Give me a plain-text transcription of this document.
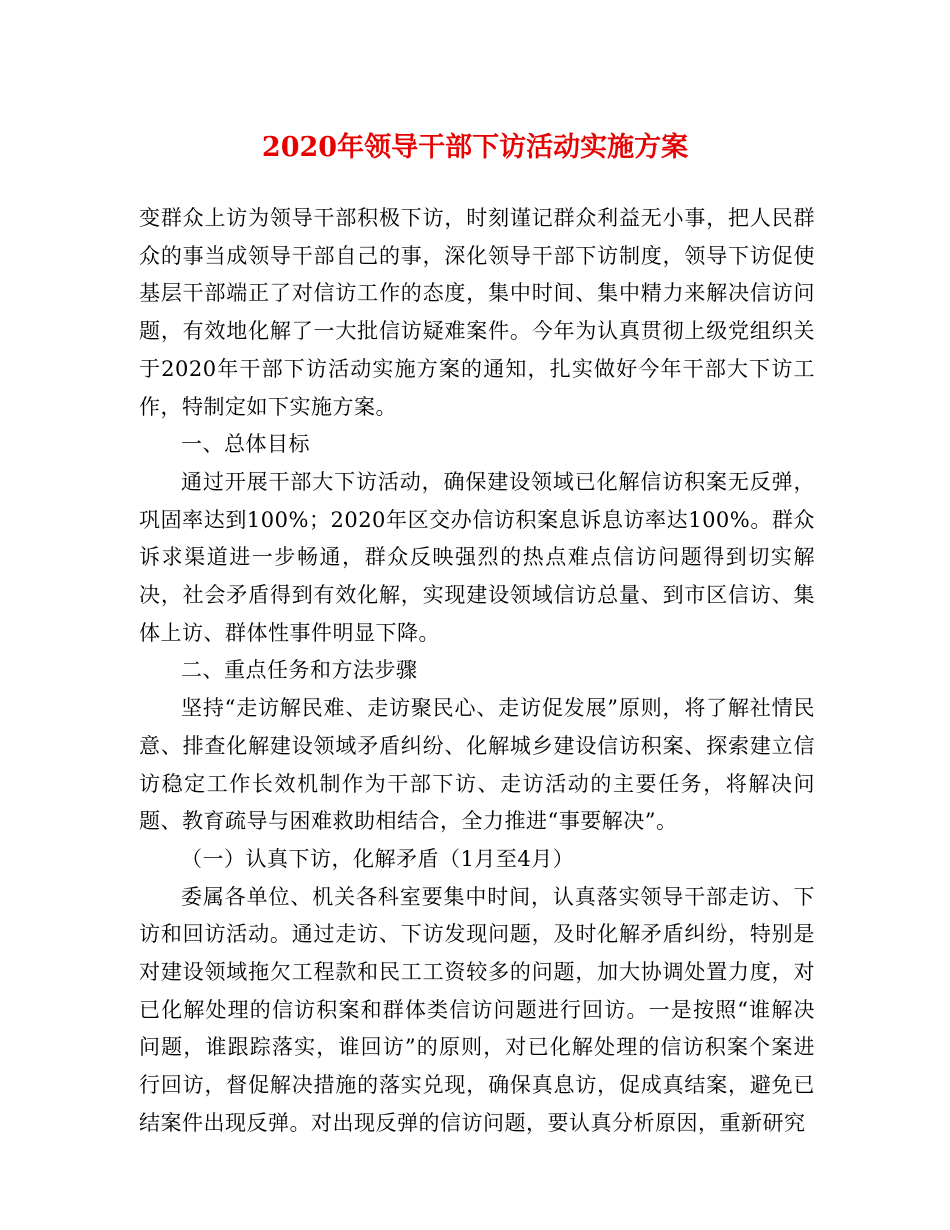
2020年领导干部下访活动实施方案

变群众上访为领导干部积极下访，时刻谨记群众利益无小事，把人民群众的事当成领导干部自己的事，深化领导干部下访制度，领导下访促使基层干部端正了对信访工作的态度，集中时间、集中精力来解决信访问题，有效地化解了一大批信访疑难案件。今年为认真贯彻上级党组织关于2020年干部下访活动实施方案的通知，扎实做好今年干部大下访工作，特制定如下实施方案。

一、总体目标

通过开展干部大下访活动，确保建设领域已化解信访积案无反弹，巩固率达到100%；2020年区交办信访积案息诉息访率达100%。群众诉求渠道进一步畅通，群众反映强烈的热点难点信访问题得到切实解决，社会矛盾得到有效化解，实现建设领域信访总量、到市区信访、集体上访、群体性事件明显下降。

二、重点任务和方法步骤

坚持“走访解民难、走访聚民心、走访促发展”原则，将了解社情民意、排查化解建设领域矛盾纠纷、化解城乡建设信访积案、探索建立信访稳定工作长效机制作为干部下访、走访活动的主要任务，将解决问题、教育疏导与困难救助相结合，全力推进“事要解决”。

（一）认真下访，化解矛盾（1月至4月）

委属各单位、机关各科室要集中时间，认真落实领导干部走访、下访和回访活动。通过走访、下访发现问题，及时化解矛盾纠纷，特别是对建设领域拖欠工程款和民工工资较多的问题，加大协调处置力度，对已化解处理的信访积案和群体类信访问题进行回访。一是按照“谁解决问题，谁跟踪落实，谁回访”的原则，对已化解处理的信访积案个案进行回访，督促解决措施的落实兑现，确保真息访，促成真结案，避免已结案件出现反弹。对出现反弹的信访问题，要认真分析原因，重新研究
